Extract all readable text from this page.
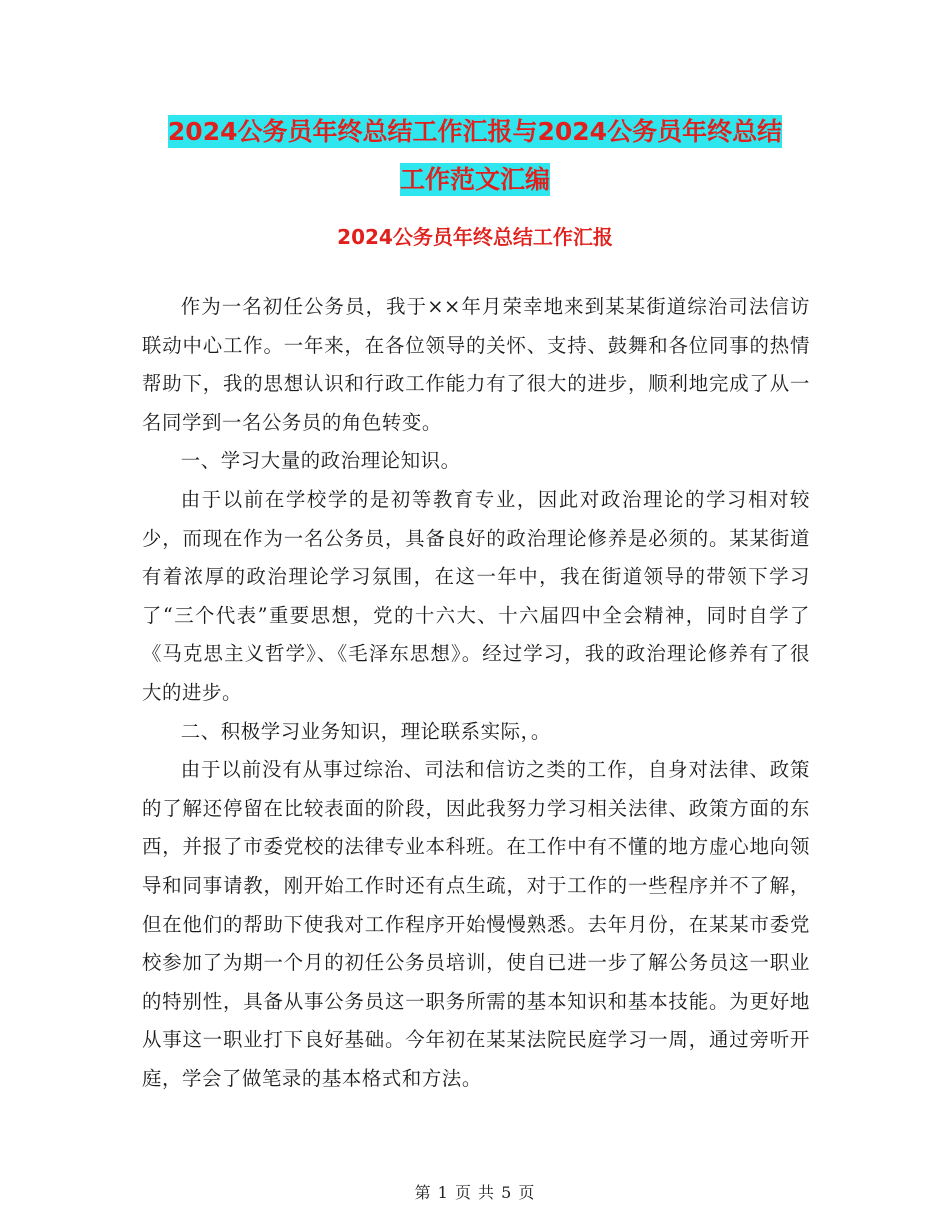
2024公务员年终总结工作汇报与2024公务员年终总结
工作范文汇编
2024公务员年终总结工作汇报

作为一名初任公务员，我于××年月荣幸地来到某某街道综治司法信访联动中心工作。一年来，在各位领导的关怀、支持、鼓舞和各位同事的热情帮助下，我的思想认识和行政工作能力有了很大的进步，顺利地完成了从一名同学到一名公务员的角色转变。

一、学习大量的政治理论知识。

由于以前在学校学的是初等教育专业，因此对政治理论的学习相对较少，而现在作为一名公务员，具备良好的政治理论修养是必须的。某某街道有着浓厚的政治理论学习氛围，在这一年中，我在街道领导的带领下学习了“三个代表”重要思想，党的十六大、十六届四中全会精神，同时自学了《马克思主义哲学》、《毛泽东思想》。经过学习，我的政治理论修养有了很大的进步。

二、积极学习业务知识，理论联系实际，。

由于以前没有从事过综治、司法和信访之类的工作，自身对法律、政策的了解还停留在比较表面的阶段，因此我努力学习相关法律、政策方面的东西，并报了市委党校的法律专业本科班。在工作中有不懂的地方虚心地向领导和同事请教，刚开始工作时还有点生疏，对于工作的一些程序并不了解，但在他们的帮助下使我对工作程序开始慢慢熟悉。去年月份，在某某市委党校参加了为期一个月的初任公务员培训，使自已进一步了解公务员这一职业的特别性，具备从事公务员这一职务所需的基本知识和基本技能。为更好地从事这一职业打下良好基础。今年初在某某法院民庭学习一周，通过旁听开庭，学会了做笔录的基本格式和方法。

第 1 页 共 5 页
